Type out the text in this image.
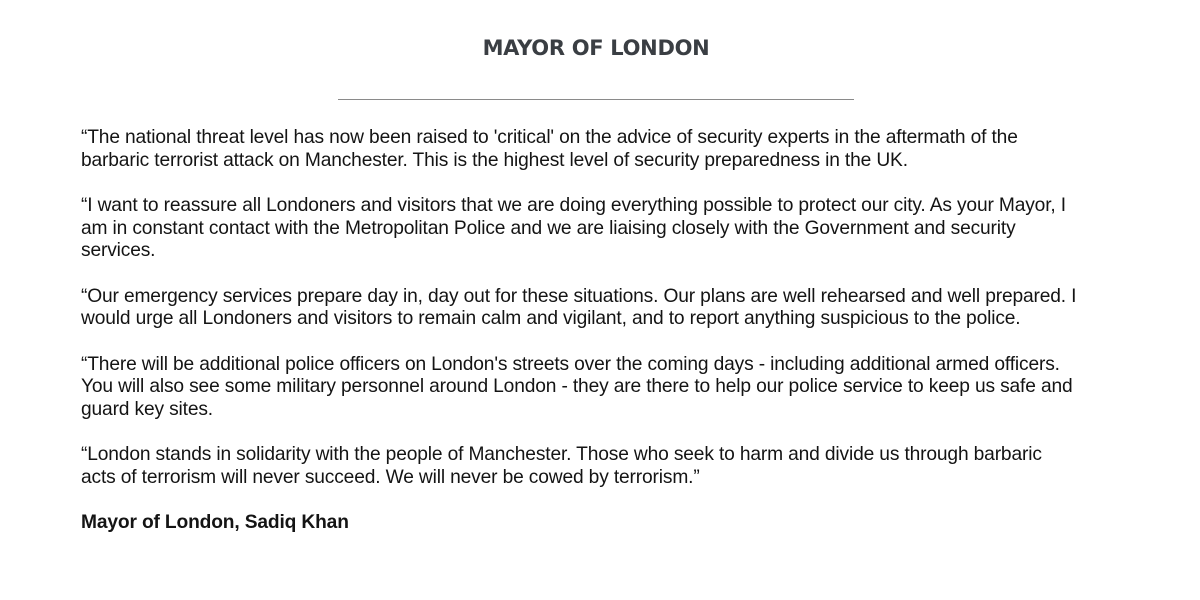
MAYOR OF LONDON
“The national threat level has now been raised to 'critical' on the advice of security experts in the aftermath of the
barbaric terrorist attack on Manchester. This is the highest level of security preparedness in the UK.
“I want to reassure all Londoners and visitors that we are doing everything possible to protect our city. As your Mayor, I
am in constant contact with the Metropolitan Police and we are liaising closely with the Government and security
services.
“Our emergency services prepare day in, day out for these situations. Our plans are well rehearsed and well prepared. I
would urge all Londoners and visitors to remain calm and vigilant, and to report anything suspicious to the police.
“There will be additional police officers on London's streets over the coming days - including additional armed officers.
You will also see some military personnel around London - they are there to help our police service to keep us safe and
guard key sites.
“London stands in solidarity with the people of Manchester. Those who seek to harm and divide us through barbaric
acts of terrorism will never succeed. We will never be cowed by terrorism.”
Mayor of London, Sadiq Khan
